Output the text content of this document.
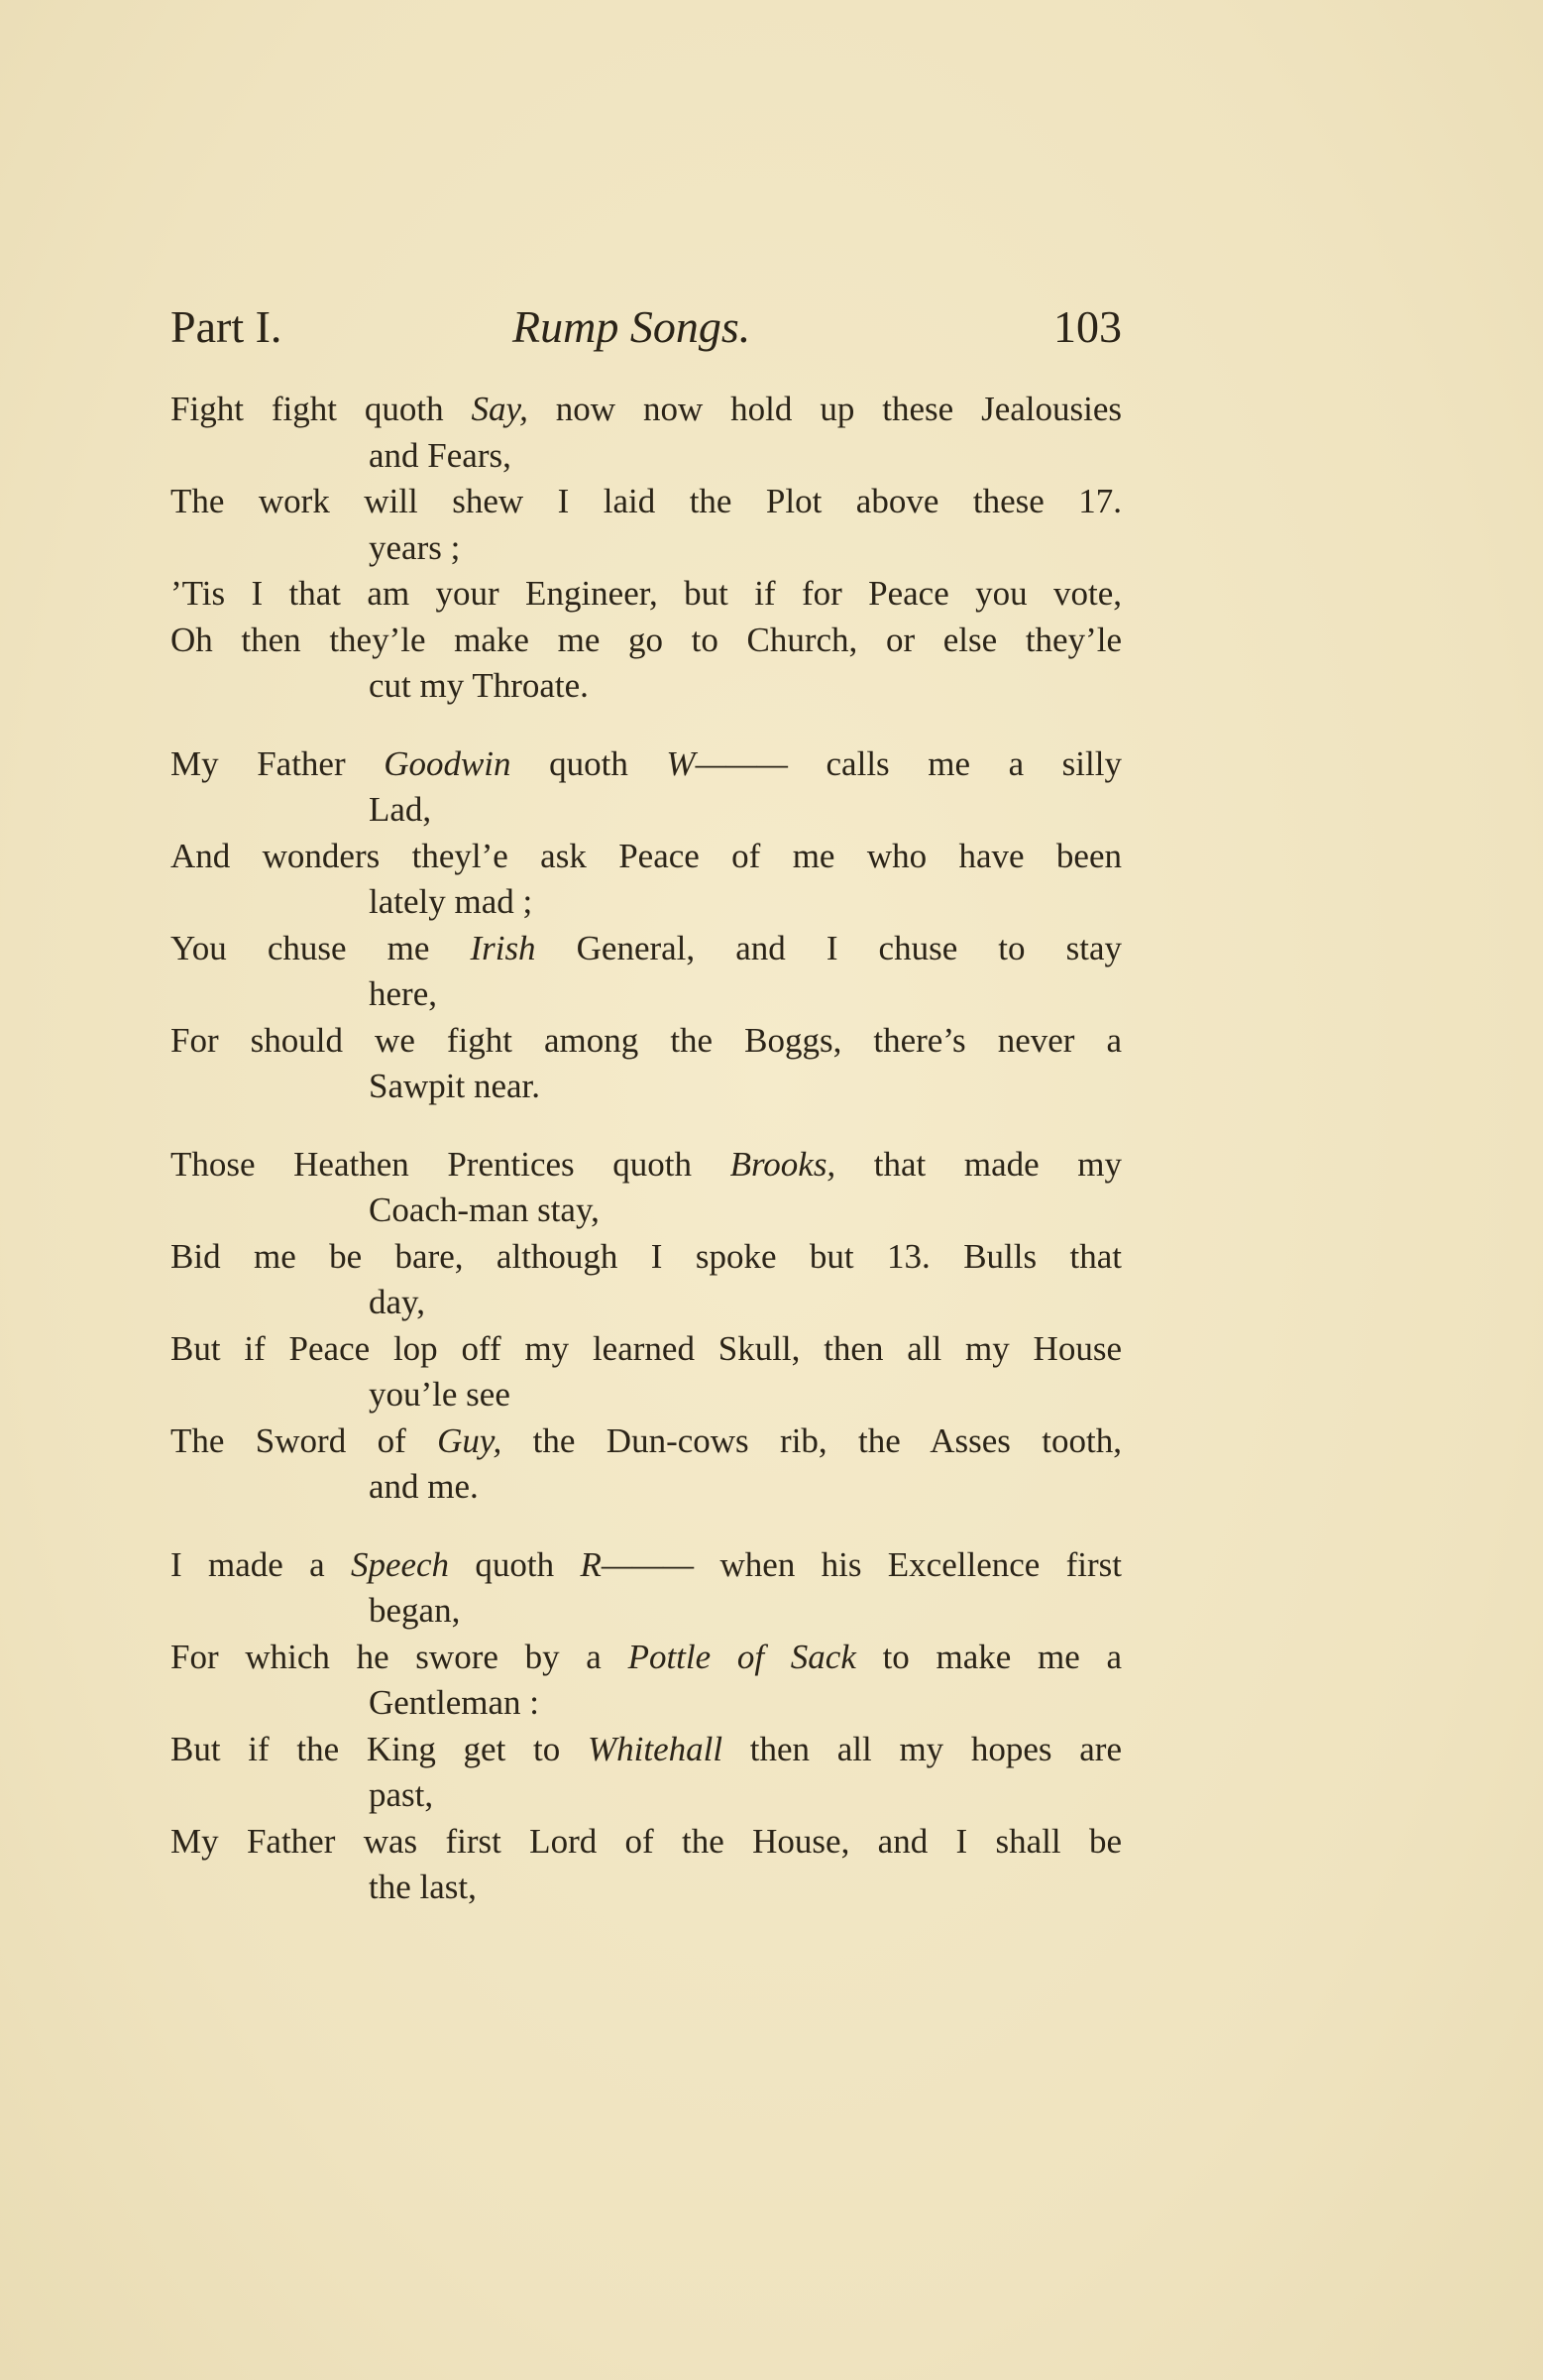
Part I.	Rump Songs.	103
Fight fight quoth Say, now now hold up these Jealousies
and Fears,
The work will shew I laid the Plot above these 17.
years ;
’Tis I that am your Engineer, but if for Peace you vote,
Oh then they’le make me go to Church, or else they’le
cut my Throate.
My Father Goodwin quoth W——— calls me a silly
Lad,
And wonders theyl’e ask Peace of me who have been
lately mad ;
You chuse me Irish General, and I chuse to stay
here,
For should we fight among the Boggs, there’s never a
Sawpit near.
Those Heathen Prentices quoth Brooks, that made my
Coach-man stay,
Bid me be bare, although I spoke but 13. Bulls that
day,
But if Peace lop off my learned Skull, then all my House
you’le see
The Sword of Guy, the Dun-cows rib, the Asses tooth,
and me.
I made a Speech quoth R——— when his Excellence first
began,
For which he swore by a Pottle of Sack to make me a
Gentleman :
But if the King get to Whitehall then all my hopes are
past,
My Father was first Lord of the House, and I shall be
the last,
